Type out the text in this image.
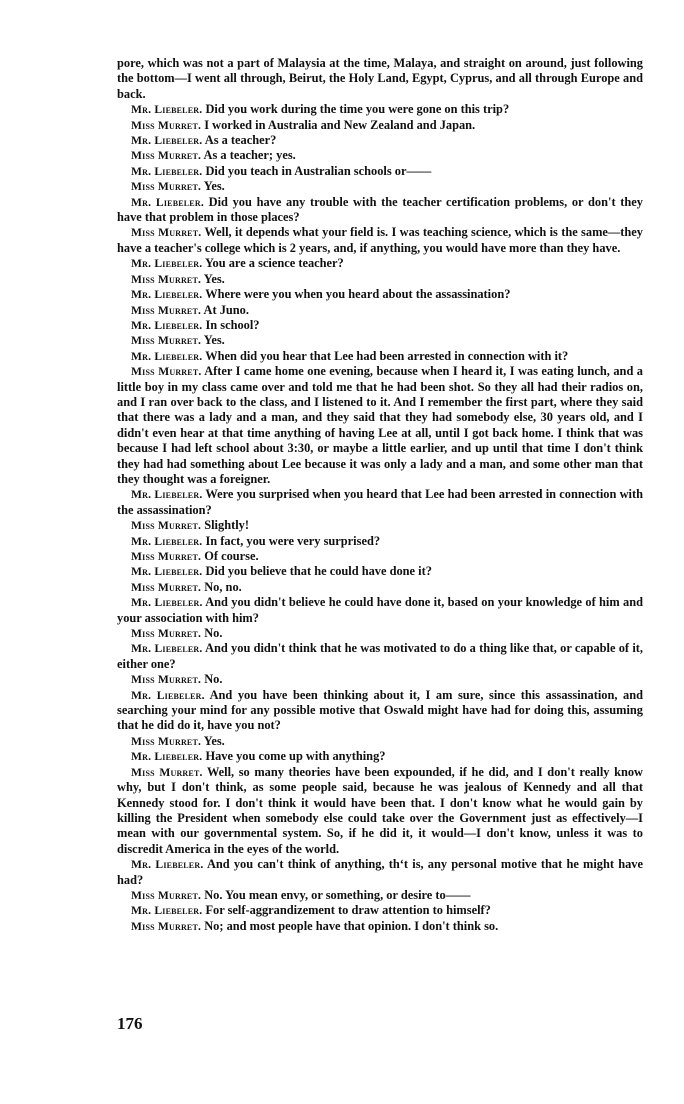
pore, which was not a part of Malaysia at the time, Malaya, and straight on around, just following the bottom—I went all through, Beirut, the Holy Land, Egypt, Cyprus, and all through Europe and back.

Mr. Liebeler. Did you work during the time you were gone on this trip?

Miss Murret. I worked in Australia and New Zealand and Japan.

Mr. Liebeler. As a teacher?

Miss Murret. As a teacher; yes.

Mr. Liebeler. Did you teach in Australian schools or——

Miss Murret. Yes.

Mr. Liebeler. Did you have any trouble with the teacher certification problems, or don't they have that problem in those places?

Miss Murret. Well, it depends what your field is. I was teaching science, which is the same—they have a teacher's college which is 2 years, and, if anything, you would have more than they have.

Mr. Liebeler. You are a science teacher?

Miss Murret. Yes.

Mr. Liebeler. Where were you when you heard about the assassination?

Miss Murret. At Juno.

Mr. Liebeler. In school?

Miss Murret. Yes.

Mr. Liebeler. When did you hear that Lee had been arrested in connection with it?

Miss Murret. After I came home one evening, because when I heard it, I was eating lunch, and a little boy in my class came over and told me that he had been shot. So they all had their radios on, and I ran over back to the class, and I listened to it. And I remember the first part, where they said that there was a lady and a man, and they said that they had somebody else, 30 years old, and I didn't even hear at that time anything of having Lee at all, until I got back home. I think that was because I had left school about 3:30, or maybe a little earlier, and up until that time I don't think they had had something about Lee because it was only a lady and a man, and some other man that they thought was a foreigner.

Mr. Liebeler. Were you surprised when you heard that Lee had been arrested in connection with the assassination?

Miss Murret. Slightly!

Mr. Liebeler. In fact, you were very surprised?

Miss Murret. Of course.

Mr. Liebeler. Did you believe that he could have done it?

Miss Murret. No, no.

Mr. Liebeler. And you didn't believe he could have done it, based on your knowledge of him and your association with him?

Miss Murret. No.

Mr. Liebeler. And you didn't think that he was motivated to do a thing like that, or capable of it, either one?

Miss Murret. No.

Mr. Liebeler. And you have been thinking about it, I am sure, since this assassination, and searching your mind for any possible motive that Oswald might have had for doing this, assuming that he did do it, have you not?

Miss Murret. Yes.

Mr. Liebeler. Have you come up with anything?

Miss Murret. Well, so many theories have been expounded, if he did, and I don't really know why, but I don't think, as some people said, because he was jealous of Kennedy and all that Kennedy stood for. I don't think it would have been that. I don't know what he would gain by killing the President when somebody else could take over the Government just as effectively—I mean with our governmental system. So, if he did it, it would—I don't know, unless it was to discredit America in the eyes of the world.

Mr. Liebeler. And you can't think of anything, thʻt is, any personal motive that he might have had?

Miss Murret. No. You mean envy, or something, or desire to——

Mr. Liebeler. For self-aggrandizement to draw attention to himself?

Miss Murret. No; and most people have that opinion. I don't think so.

176
